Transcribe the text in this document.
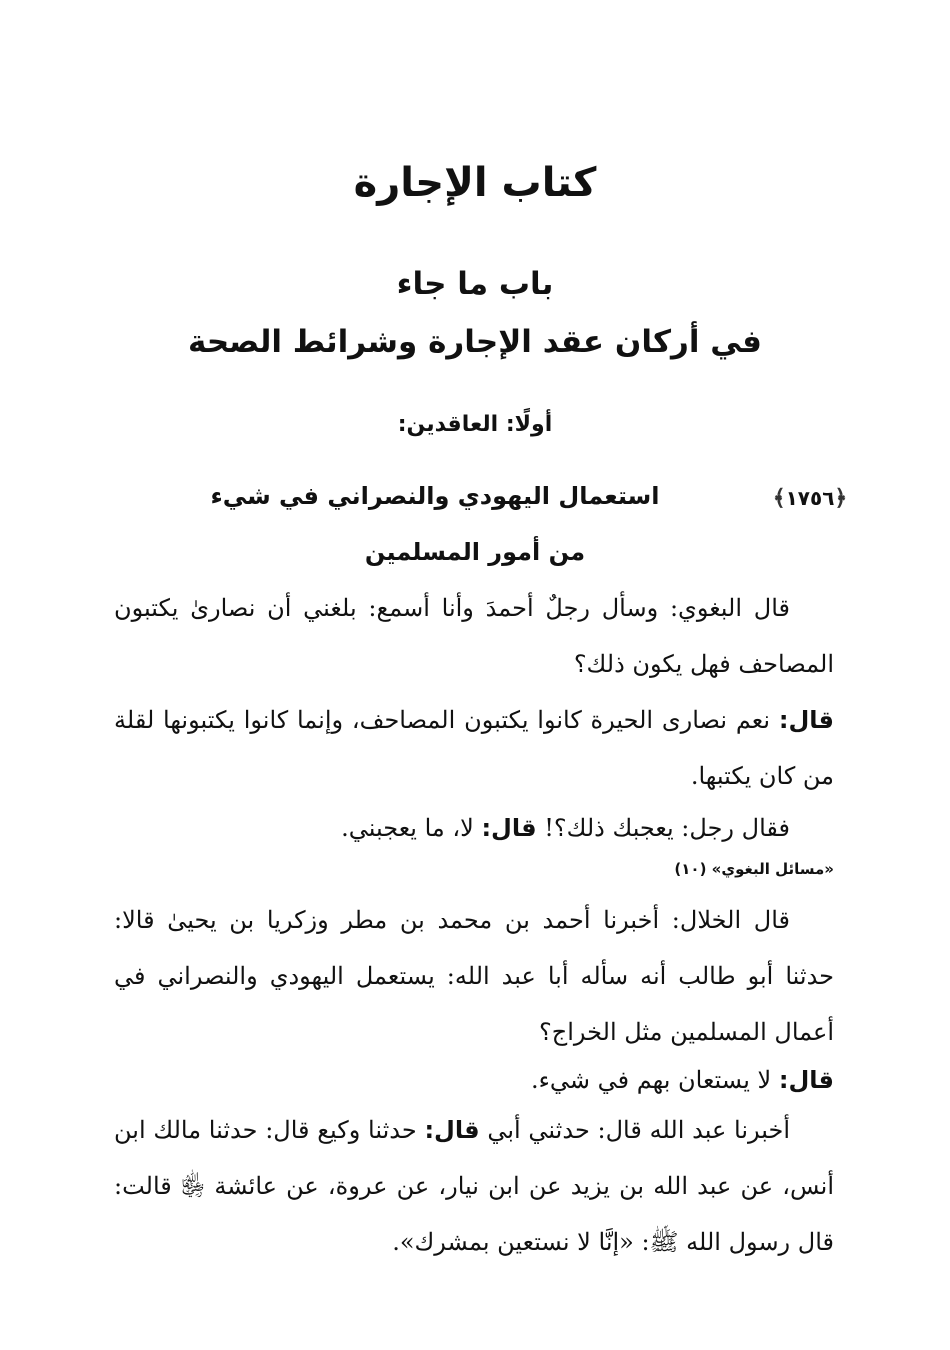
كتاب الإجارة
باب ما جاء
في أركان عقد الإجارة وشرائط الصحة
أولًا: العاقدين:
﴿
١٧٥٦
﴾
استعمال اليهودي والنصراني في شيء
من أمور المسلمين

قال البغوي: وسأل رجلٌ أحمدَ وأنا أسمع: بلغني أن نصارىٰ يكتبون المصاحف فهل يكون ذلك؟

قال: نعم نصارى الحيرة كانوا يكتبون المصاحف، وإنما كانوا يكتبونها لقلة من كان يكتبها.

فقال رجل: يعجبك ذلك؟! قال: لا، ما يعجبني.

«مسائل البغوي» (١٠)

قال الخلال: أخبرنا أحمد بن محمد بن مطر وزكريا بن يحيىٰ قالا: حدثنا أبو طالب أنه سأله أبا عبد الله: يستعمل اليهودي والنصراني في أعمال المسلمين مثل الخراج؟

قال: لا يستعان بهم في شيء.

أخبرنا عبد الله قال: حدثني أبي قال: حدثنا وكيع قال: حدثنا مالك ابن أنس، عن عبد الله بن يزيد عن ابن نيار، عن عروة، عن عائشة ﵂ قالت: قال رسول الله ﷺ: «إنَّا لا نستعين بمشرك».
